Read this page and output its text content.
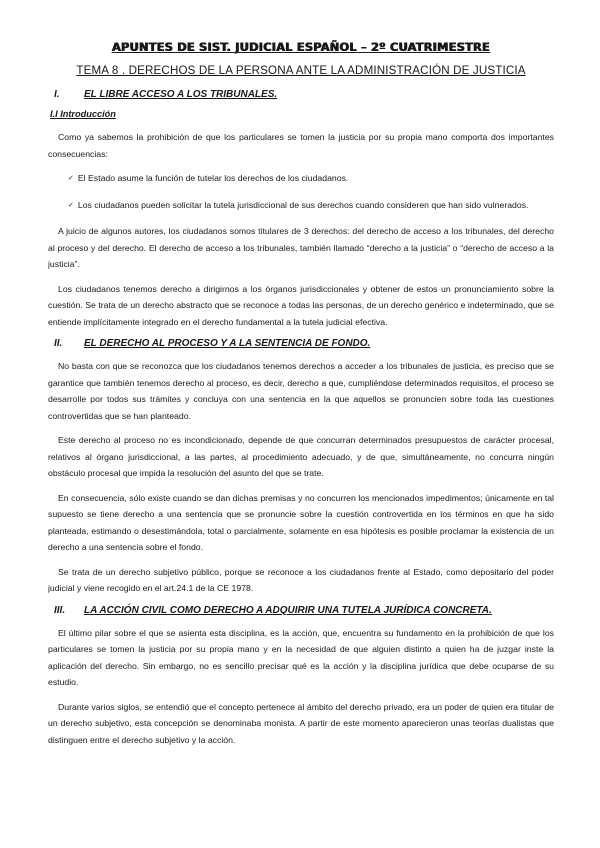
APUNTES DE SIST. JUDICIAL ESPAÑOL – 2º CUATRIMESTRE
TEMA 8 . DERECHOS DE LA PERSONA ANTE LA ADMINISTRACIÓN DE JUSTICIA
I.	EL LIBRE ACCESO A LOS TRIBUNALES.
I.I Introducción

Como ya sabemos la prohibición de que los particulares se tomen la justicia por su propia mano comporta dos importantes consecuencias:

✓ El Estado asume la función de tutelar los derechos de los ciudadanos.

✓ Los ciudadanos pueden solicitar la tutela jurisdiccional de sus derechos cuando consideren que han sido vulnerados.

A juicio de algunos autores, los ciudadanos somos titulares de 3 derechos: del derecho de acceso a los tribunales, del derecho al proceso y del derecho. El derecho de acceso a los tribunales, también llamado “derecho a la justicia” o “derecho de acceso a la justicia”.

Los ciudadanos tenemos derecho a dirigirnos a los órganos jurisdiccionales y obtener de estos un pronunciamiento sobre la cuestión. Se trata de un derecho abstracto que se reconoce a todas las personas, de un derecho genérico e indeterminado, que se entiende implícitamente integrado en el derecho fundamental a la tutela judicial efectiva.

II.	EL DERECHO AL PROCESO Y A LA SENTENCIA DE FONDO.

No basta con que se reconozca que los ciudadanos tenemos derechos a acceder a los tribunales de justicia, es preciso que se garantice que también tenemos derecho al proceso, es decir, derecho a que, cumpliéndose determinados requisitos, el proceso se desarrolle por todos sus trámites y concluya con una sentencia en la que aquellos se pronuncien sobre toda las cuestiones controvertidas que se han planteado.

Este derecho al proceso no es incondicionado, depende de que concurran determinados presupuestos de carácter procesal, relativos al órgano jurisdiccional, a las partes, al procedimiento adecuado, y de que, simultáneamente, no concurra ningún obstáculo procesal que impida la resolución del asunto del que se trate.

En consecuencia, sólo existe cuando se dan dichas premisas y no concurren los mencionados impedimentos; únicamente en tal supuesto se tiene derecho a una sentencia que se pronuncie sobre la cuestión controvertida en los términos en que ha sido planteada, estimando o desestimándola, total o parcialmente, solamente en esa hipótesis es posible proclamar la existencia de un derecho a una sentencia sobre el fondo.

Se trata de un derecho subjetivo público, porque se reconoce a los ciudadanos frente al Estado, como depositario del poder judicial y viene recogido en el art.24.1 de la CE 1978.

III.	LA ACCIÓN CIVIL COMO DERECHO A ADQUIRIR UNA TUTELA JURÍDICA CONCRETA.

El último pilar sobre el que se asienta esta disciplina, es la acción, que, encuentra su fundamento en la prohibición de que los particulares se tomen la justicia por su propia mano y en la necesidad de que alguien distinto a quien ha de juzgar inste la aplicación del derecho. Sin embargo, no es sencillo precisar qué es la acción y la disciplina jurídica que debe ocuparse de su estudio.

Durante varios siglos, se entendió que el concepto pertenece al ámbito del derecho privado, era un poder de quien era titular de un derecho subjetivo, esta concepción se denominaba monista. A partir de este momento aparecieron unas teorías dualistas que distinguen entre el derecho subjetivo y la acción.
